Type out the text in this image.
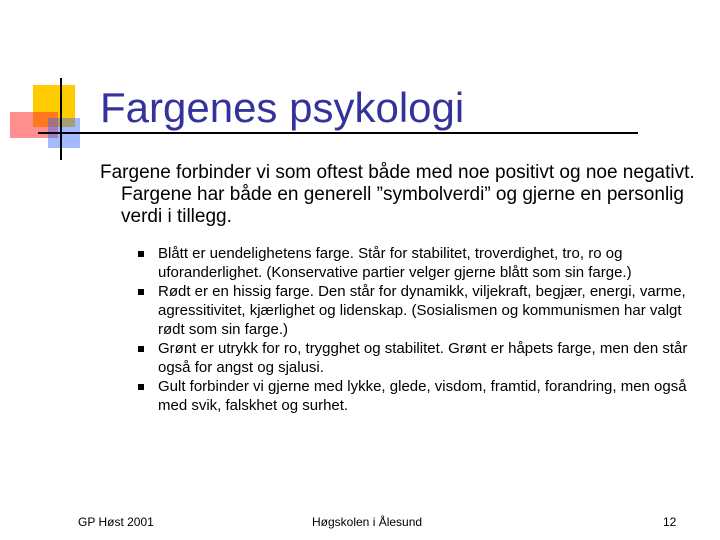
Fargenes psykologi

Fargene forbinder vi som oftest både med noe positivt og noe negativt. Fargene har både en generell ”symbolverdi” og gjerne en personlig verdi i tillegg.

Blått er uendelighetens farge. Står for stabilitet, troverdighet, tro, ro og uforanderlighet. (Konservative partier velger gjerne blått som sin farge.)
Rødt er en hissig farge. Den står for dynamikk, viljekraft, begjær, energi, varme, agressitivitet, kjærlighet og lidenskap. (Sosialismen og kommunismen har valgt rødt som sin farge.)
Grønt er utrykk for ro, trygghet og stabilitet. Grønt er håpets farge, men den står også for angst og sjalusi.
Gult forbinder vi gjerne med lykke, glede, visdom, framtid, forandring, men også med svik, falskhet og surhet.
GP Høst 2001	Høgskolen i Ålesund	12
